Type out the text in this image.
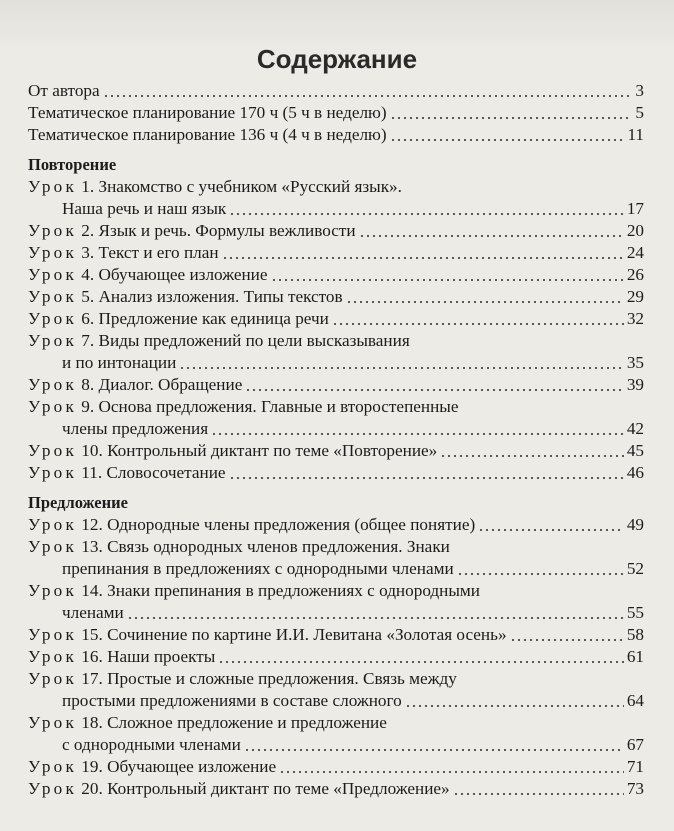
Содержание
От автора	3
Тематическое планирование 170 ч (5 ч в неделю)	5
Тематическое планирование 136 ч (4 ч в неделю)	11
Повторение
Урок 1. Знакомство с учебником «Русский язык».
Наша речь и наш язык	17
Урок 2. Язык и речь. Формулы вежливости	20
Урок 3. Текст и его план	24
Урок 4. Обучающее изложение	26
Урок 5. Анализ изложения. Типы текстов	29
Урок 6. Предложение как единица речи	32
Урок 7. Виды предложений по цели высказывания
и по интонации	35
Урок 8. Диалог. Обращение	39
Урок 9. Основа предложения. Главные и второстепенные
члены предложения	42
Урок 10. Контрольный диктант по теме «Повторение»	45
Урок 11. Словосочетание	46
Предложение
Урок 12. Однородные члены предложения (общее понятие)	49
Урок 13. Связь однородных членов предложения. Знаки
препинания в предложениях с однородными членами	52
Урок 14. Знаки препинания в предложениях с однородными
членами	55
Урок 15. Сочинение по картине И.И. Левитана «Золотая осень»	58
Урок 16. Наши проекты	61
Урок 17. Простые и сложные предложения. Связь между
простыми предложениями в составе сложного	64
Урок 18. Сложное предложение и предложение
с однородными членами	67
Урок 19. Обучающее изложение	71
Урок 20. Контрольный диктант по теме «Предложение»	73
